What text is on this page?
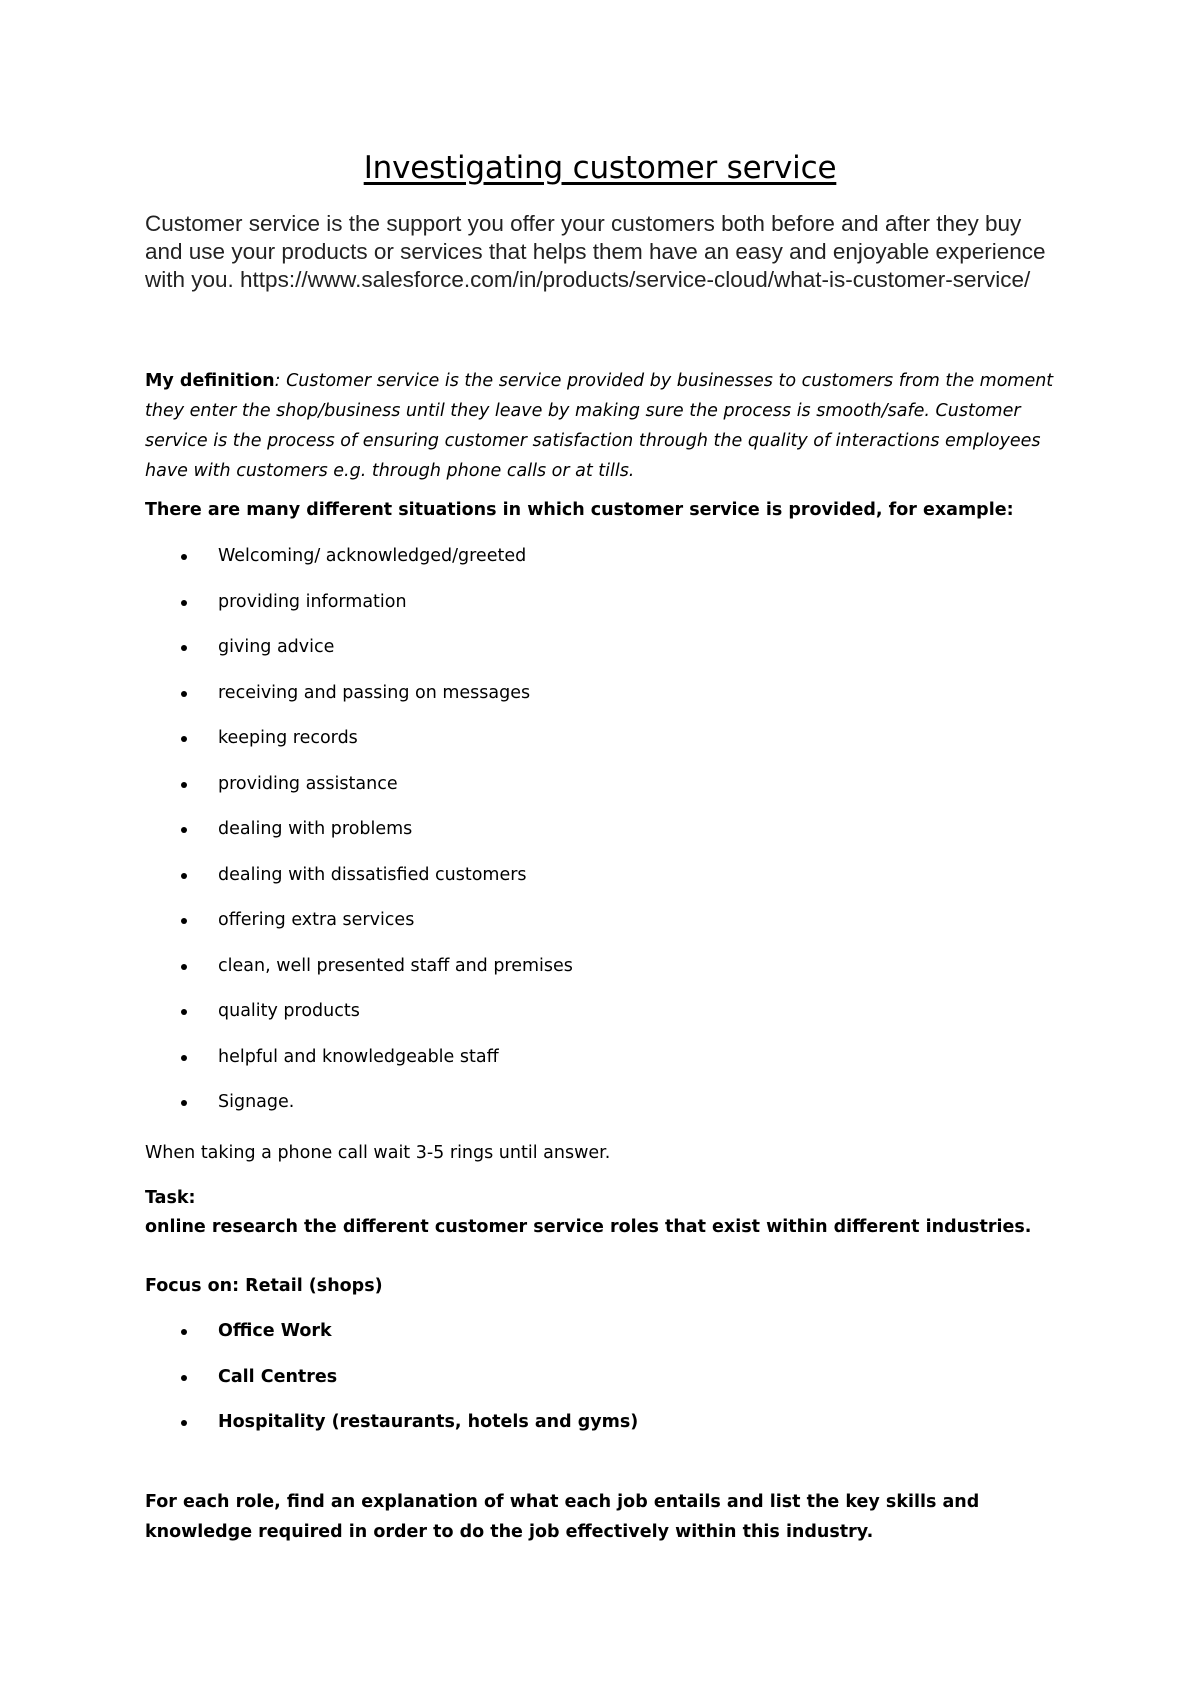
Investigating customer service

Customer service is the support you offer your customers both before and after they buy and use your products or services that helps them have an easy and enjoyable experience with you. https://www.salesforce.com/in/products/service-cloud/what-is-customer-service/

My definition: Customer service is the service provided by businesses to customers from the moment they enter the shop/business until they leave by making sure the process is smooth/safe. Customer service is the process of ensuring customer satisfaction through the quality of interactions employees have with customers e.g. through phone calls or at tills.

There are many different situations in which customer service is provided, for example:

Welcoming/ acknowledged/greeted
providing information
giving advice
receiving and passing on messages
keeping records
providing assistance
dealing with problems
dealing with dissatisfied customers
offering extra services
clean, well presented staff and premises
quality products
helpful and knowledgeable staff
Signage.

When taking a phone call wait 3-5 rings until answer.

Task:

online research the different customer service roles that exist within different industries.

Focus on: Retail (shops)

Office Work
Call Centres
Hospitality (restaurants, hotels and gyms)

For each role, find an explanation of what each job entails and list the key skills and knowledge required in order to do the job effectively within this industry.
